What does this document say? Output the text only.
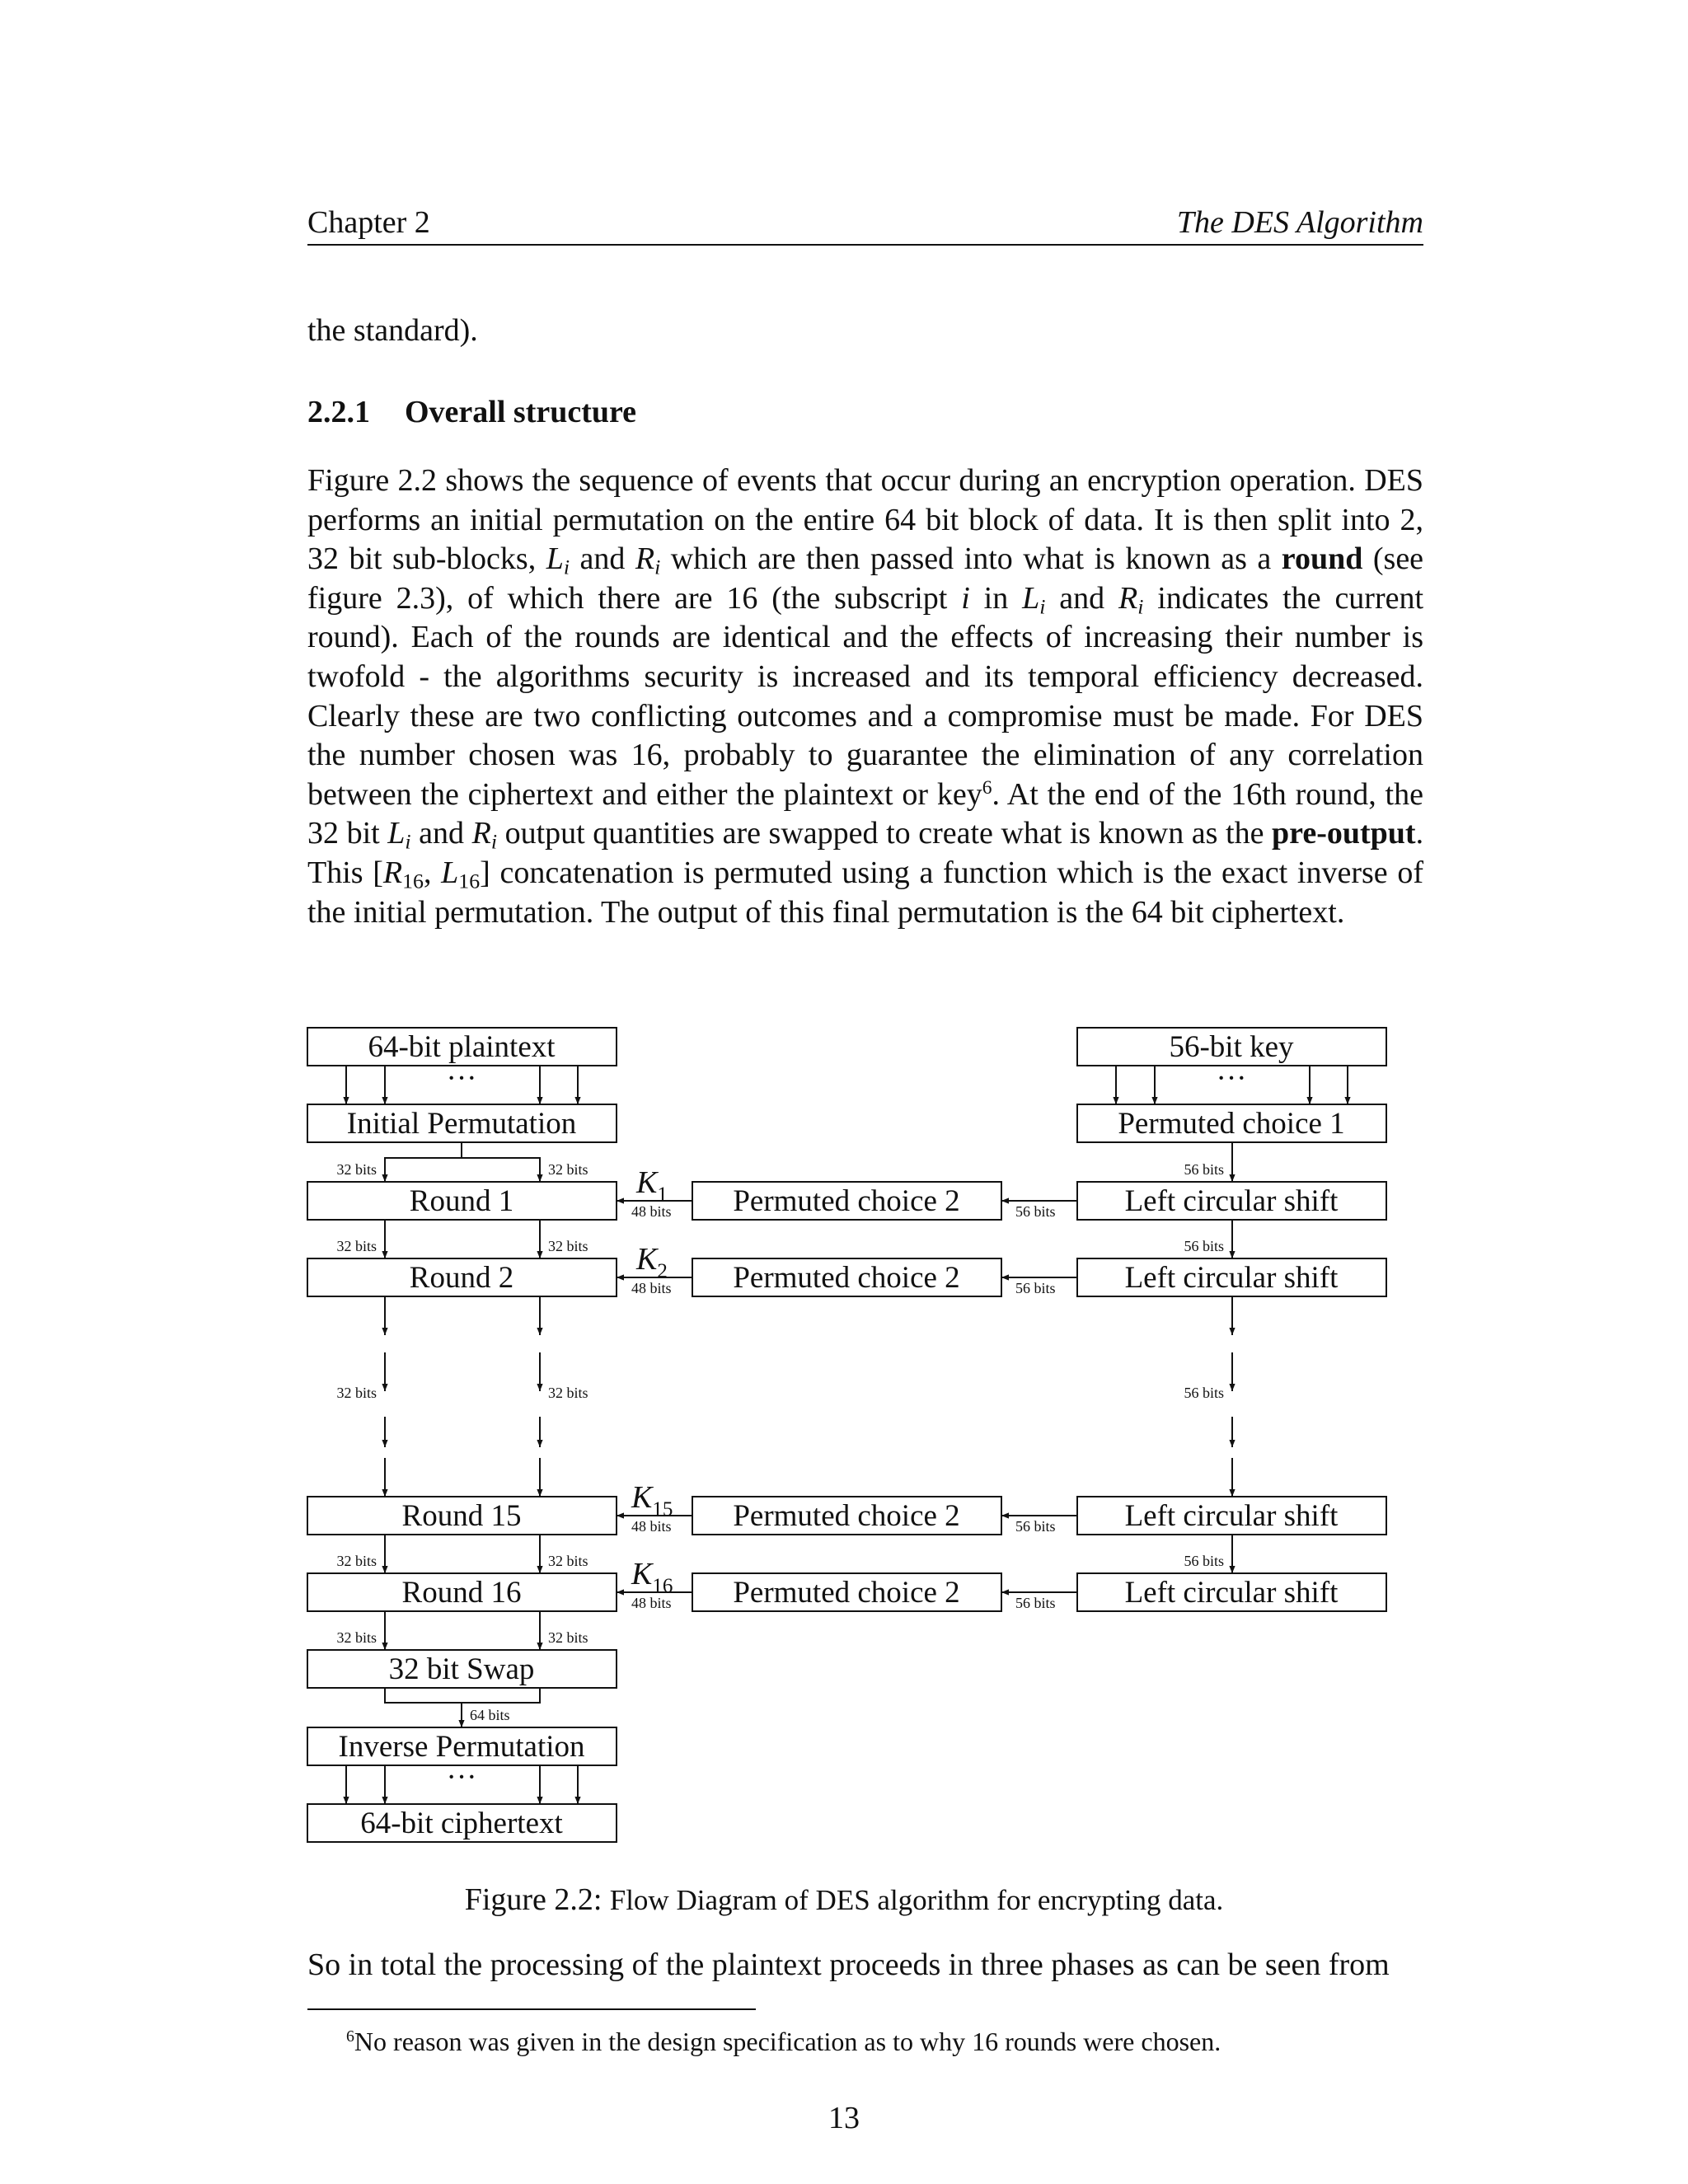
Chapter 2	The DES Algorithm
the standard).
2.2.1 Overall structure
Figure 2.2 shows the sequence of events that occur during an encryption operation. DES performs an initial permutation on the entire 64 bit block of data. It is then split into 2, 32 bit sub-blocks, $L_i$ and $R_i$ which are then passed into what is known as a round (see figure 2.3), of which there are 16 (the subscript i in $L_i$ and $R_i$ indicates the current round). Each of the rounds are identical and the effects of increasing their number is twofold - the algorithms security is increased and its temporal efficiency decreased. Clearly these are two conflicting outcomes and a compromise must be made. For DES the number chosen was 16, probably to guarantee the elimination of any correlation between the ciphertext and either the plaintext or key$^6$. At the end of the 16th round, the 32 bit $L_i$ and $R_i$ output quantities are swapped to create what is known as the pre-output. This [$R_{16}$, $L_{16}$] concatenation is permuted using a function which is the exact inverse of the initial permutation. The output of this final permutation is the 64 bit ciphertext.
64-bit plaintext
Initial Permutation
Round 1
Round 2
Round 15
Round 16
32 bit Swap
Inverse Permutation
64-bit ciphertext
Permuted choice 2
Permuted choice 2
Permuted choice 2
Permuted choice 2
56-bit key
Permuted choice 1
Left circular shift
Left circular shift
Left circular shift
Left circular shift
···	···
···
32 bits
32 bits
32 bits
32 bits
32 bits
56 bits
56 bits
56 bits
56 bits
32 bits
32 bits
32 bits
32 bits
32 bits
64 bits
48 bits
48 bits
48 bits
48 bits
56 bits
56 bits
56 bits
56 bits
$K_1$
$K_2$
$K_{15}$
$K_{16}$
Figure 2.2: Flow Diagram of DES algorithm for encrypting data.
So in total the processing of the plaintext proceeds in three phases as can be seen from
$^6$No reason was given in the design specification as to why 16 rounds were chosen.
13
